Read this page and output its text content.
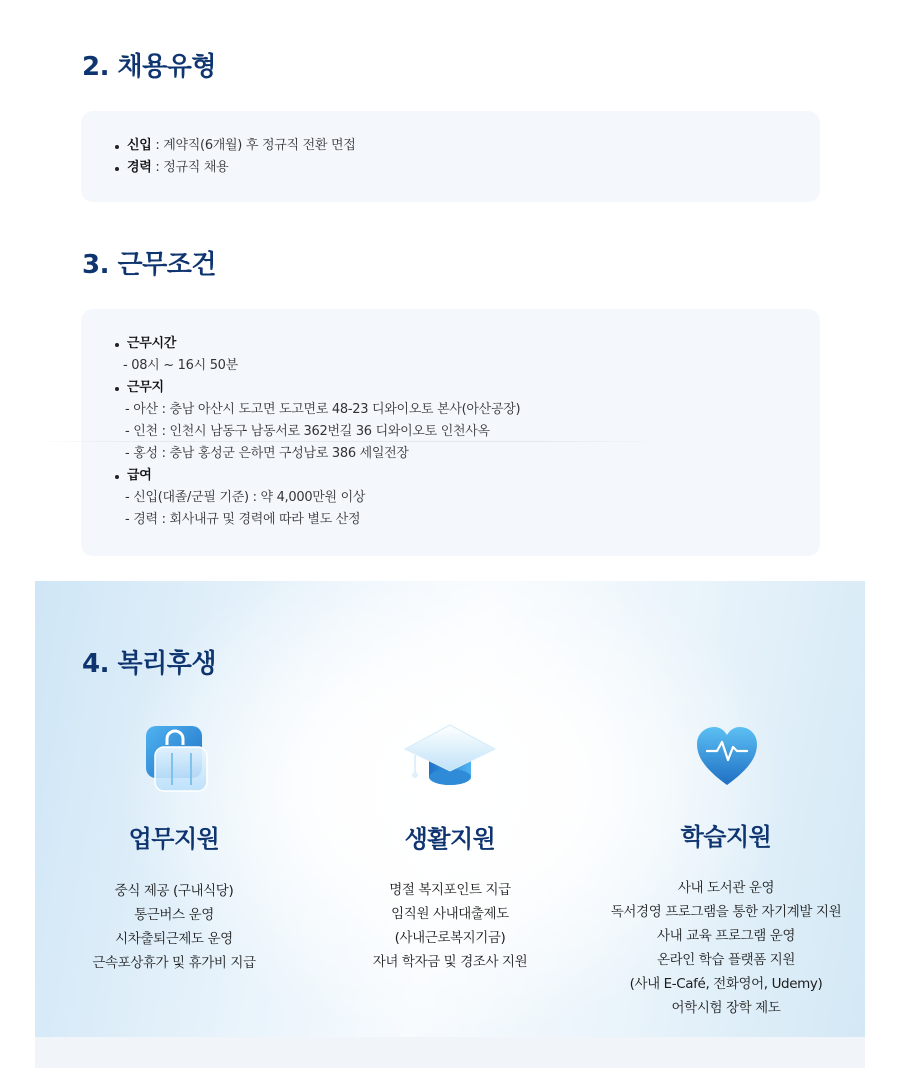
2. 채용유형
신입 : 계약직(6개월) 후 정규직 전환 면접
경력 : 정규직 채용
3. 근무조건
근무시간
- 08시 ~ 16시 50분
근무지
- 아산 : 충남 아산시 도고면 도고면로 48-23 디와이오토 본사(아산공장)
- 인천 : 인천시 남동구 남동서로 362번길 36 디와이오토 인천사옥
- 홍성 : 충남 홍성군 은하면 구성남로 386 세일전장
급여
- 신입(대졸/군필 기준) : 약 4,000만원 이상
- 경력 : 회사내규 및 경력에 따라 별도 산정
4. 복리후생
업무지원
중식 제공 (구내식당)
통근버스 운영
시차출퇴근제도 운영
근속포상휴가 및 휴가비 지급
생활지원
명절 복지포인트 지급
임직원 사내대출제도
(사내근로복지기금)
자녀 학자금 및 경조사 지원
학습지원
사내 도서관 운영
독서경영 프로그램을 통한 자기계발 지원
사내 교육 프로그램 운영
온라인 학습 플랫폼 지원
(사내 E-Café, 전화영어, Udemy)
어학시험 장학 제도
